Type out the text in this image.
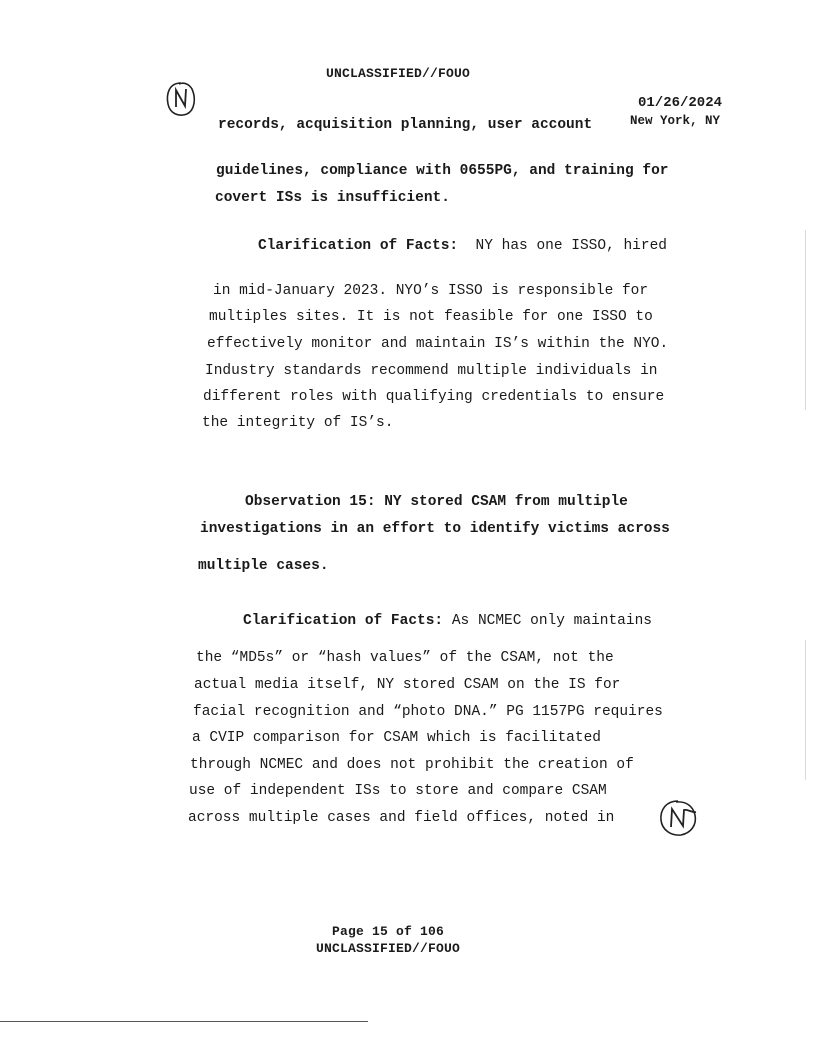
UNCLASSIFIED//FOUO
01/26/2024
New York, NY
records, acquisition planning, user account
guidelines, compliance with 0655PG, and training for
covert ISs is insufficient.
Clarification of Facts: NY has one ISSO, hired
in mid-January 2023. NYO’s ISSO is responsible for
multiples sites. It is not feasible for one ISSO to
effectively monitor and maintain IS’s within the NYO.
Industry standards recommend multiple individuals in
different roles with qualifying credentials to ensure
the integrity of IS’s.
Observation 15: NY stored CSAM from multiple
investigations in an effort to identify victims across
multiple cases.
Clarification of Facts: As NCMEC only maintains
the “MD5s” or “hash values” of the CSAM, not the
actual media itself, NY stored CSAM on the IS for
facial recognition and “photo DNA.” PG 1157PG requires
a CVIP comparison for CSAM which is facilitated
through NCMEC and does not prohibit the creation of
use of independent ISs to store and compare CSAM
across multiple cases and field offices, noted in
Page 15 of 106
UNCLASSIFIED//FOUO
